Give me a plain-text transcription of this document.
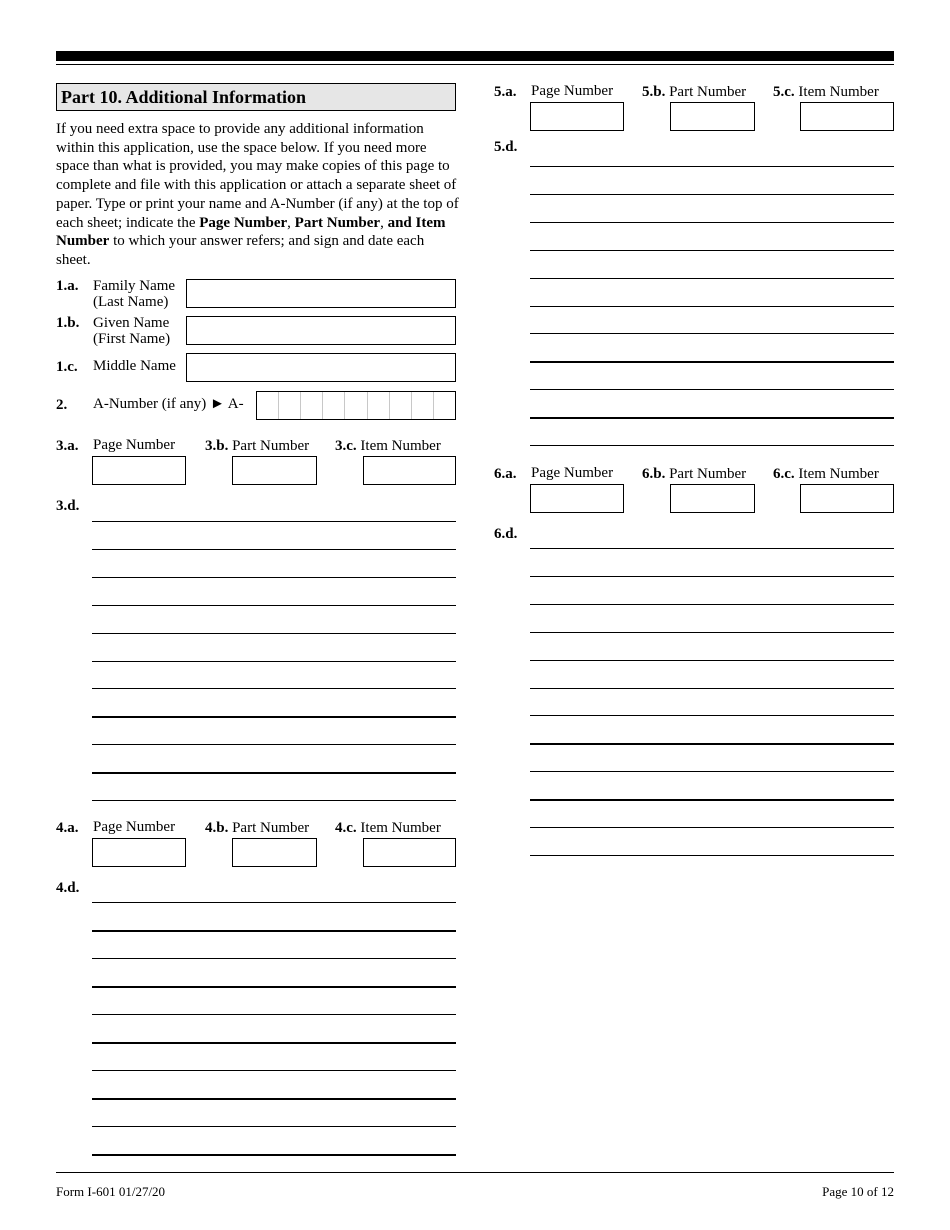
Part 10. Additional Information
If you need extra space to provide any additional information within this application, use the space below. If you need more space than what is provided, you may make copies of this page to complete and file with this application or attach a separate sheet of paper. Type or print your name and A-Number (if any) at the top of each sheet; indicate the Page Number, Part Number, and Item Number to which your answer refers; and sign and date each sheet.
1.a. Family Name
(Last Name)
1.b. Given Name
(First Name)
1.c. Middle Name
2. A-Number (if any) ► A-
3.a. Page Number 3.b. Part Number 3.c. Item Number
3.d.
4.a. Page Number 4.b. Part Number 4.c. Item Number
4.d.
5.a. Page Number 5.b. Part Number 5.c. Item Number
5.d.
6.a. Page Number 6.b. Part Number 6.c. Item Number
6.d.
Form I-601 01/27/20	Page 10 of 12
